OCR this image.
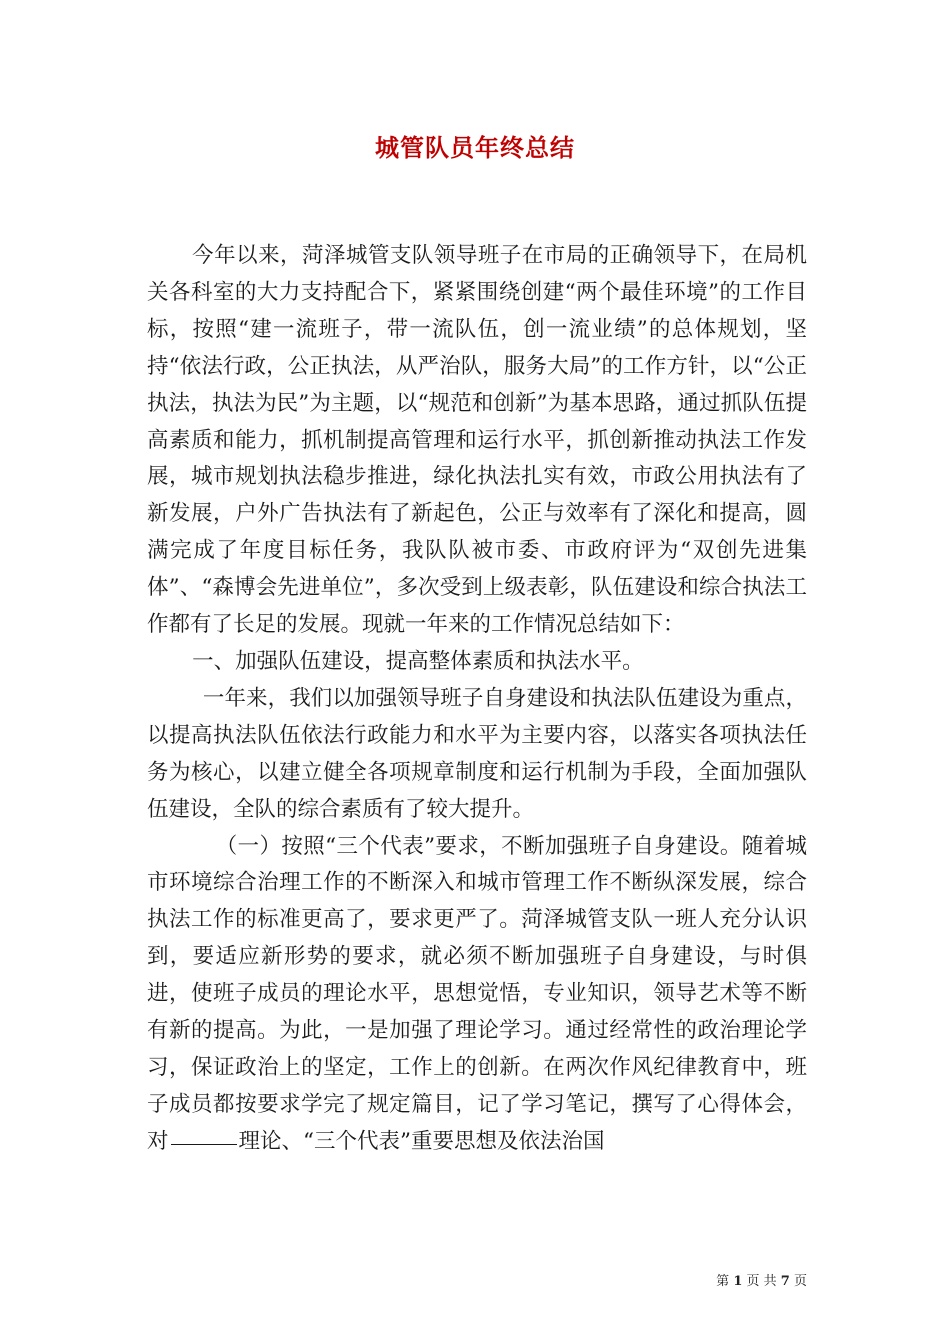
城管队员年终总结

今年以来，菏泽城管支队领导班子在市局的正确领导下，在局机关各科室的大力支持配合下，紧紧围绕创建“两个最佳环境”的工作目标，按照“建一流班子，带一流队伍，创一流业绩”的总体规划，坚持“依法行政，公正执法，从严治队，服务大局”的工作方针，以“公正执法，执法为民”为主题，以“规范和创新”为基本思路，通过抓队伍提高素质和能力，抓机制提高管理和运行水平，抓创新推动执法工作发展，城市规划执法稳步推进，绿化执法扎实有效，市政公用执法有了新发展，户外广告执法有了新起色，公正与效率有了深化和提高，圆满完成了年度目标任务，我队队被市委、市政府评为“双创先进集体”、“森博会先进单位”，多次受到上级表彰，队伍建设和综合执法工作都有了长足的发展。现就一年来的工作情况总结如下：

一、加强队伍建设，提高整体素质和执法水平。

一年来，我们以加强领导班子自身建设和执法队伍建设为重点，以提高执法队伍依法行政能力和水平为主要内容，以落实各项执法任务为核心，以建立健全各项规章制度和运行机制为手段，全面加强队伍建设，全队的综合素质有了较大提升。

（一）按照“三个代表”要求，不断加强班子自身建设。随着城市环境综合治理工作的不断深入和城市管理工作不断纵深发展，综合执法工作的标准更高了，要求更严了。菏泽城管支队一班人充分认识到，要适应新形势的要求，就必须不断加强班子自身建设，与时俱进，使班子成员的理论水平，思想觉悟，专业知识，领导艺术等不断有新的提高。为此，一是加强了理论学习。通过经常性的政治理论学习，保证政治上的坚定，工作上的创新。在两次作风纪律教育中，班子成员都按要求学完了规定篇目，记了学习笔记，撰写了心得体会，对	理论、“三个代表”重要思想及依法治国

第 1 页 共 7 页
